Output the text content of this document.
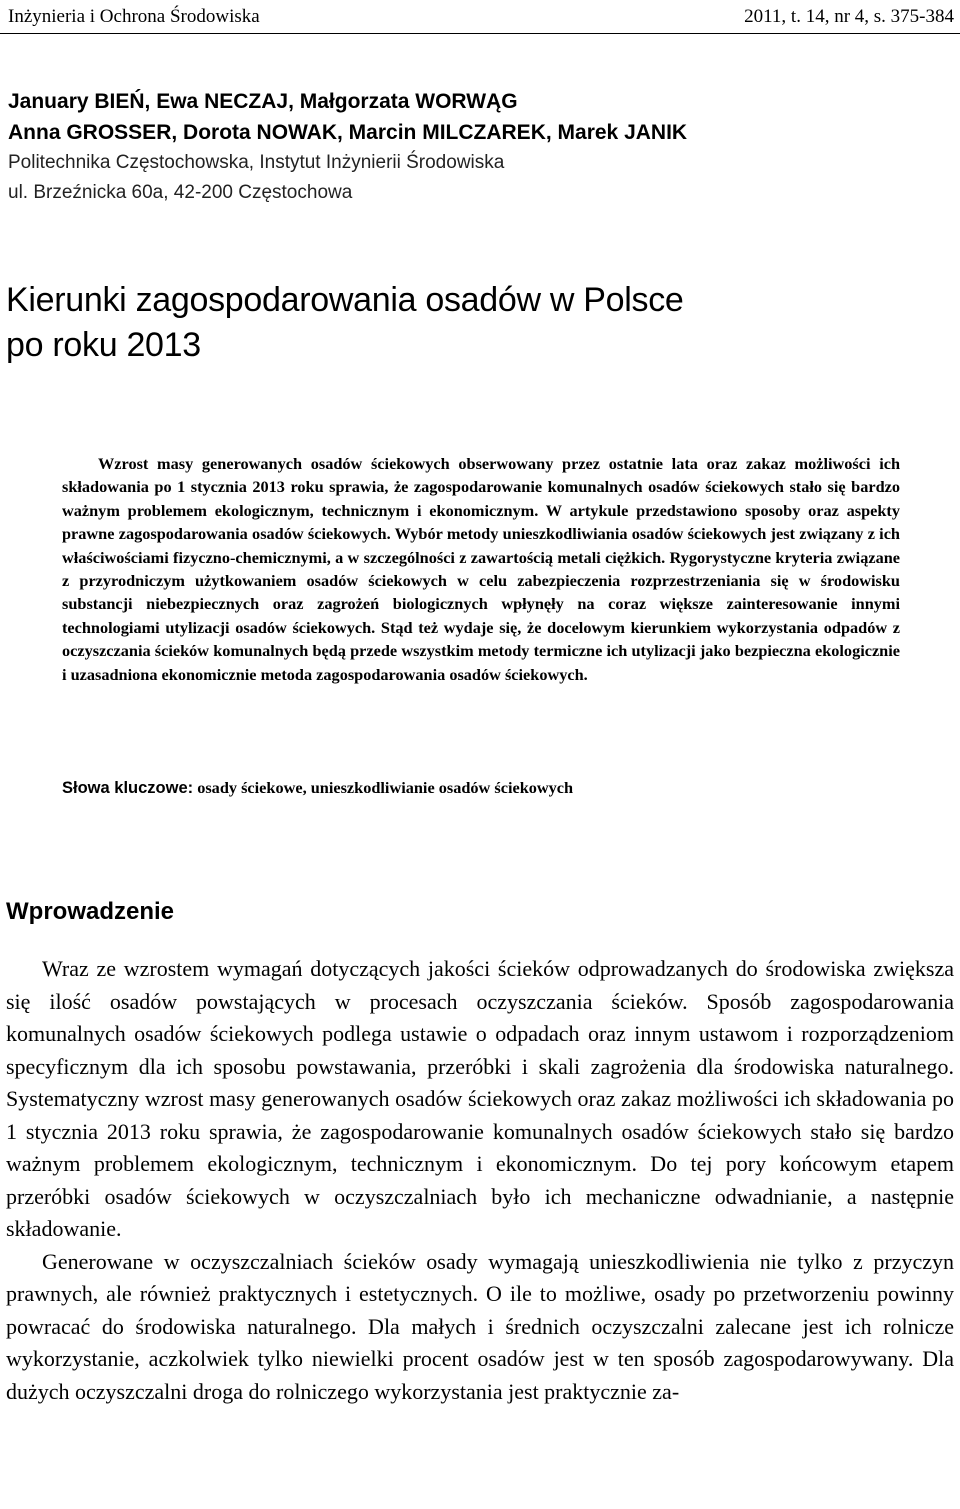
Inżynieria i Ochrona Środowiska	2011, t. 14, nr 4, s. 375-384
January BIEŃ, Ewa NECZAJ, Małgorzata WORWĄG
Anna GROSSER, Dorota NOWAK, Marcin MILCZAREK, Marek JANIK
Politechnika Częstochowska, Instytut Inżynierii Środowiska
ul. Brzeźnicka 60a, 42-200 Częstochowa
Kierunki zagospodarowania osadów w Polsce
po roku 2013
Wzrost masy generowanych osadów ściekowych obserwowany przez ostatnie lata oraz zakaz możliwości ich składowania po 1 stycznia 2013 roku sprawia, że zagospodarowanie komunalnych osadów ściekowych stało się bardzo ważnym problemem ekologicznym, technicznym i ekonomicznym. W artykule przedstawiono sposoby oraz aspekty prawne zagospodarowania osadów ściekowych. Wybór metody unieszkodliwiania osadów ściekowych jest związany z ich właściwościami fizyczno-chemicznymi, a w szczególności z zawartością metali ciężkich. Rygorystyczne kryteria związane z przyrodniczym użytkowaniem osadów ściekowych w celu zabezpieczenia rozprzestrzeniania się w środowisku substancji niebezpiecznych oraz zagrożeń biologicznych wpłynęły na coraz większe zainteresowanie innymi technologiami utylizacji osadów ściekowych. Stąd też wydaje się, że docelowym kierunkiem wykorzystania odpadów z oczyszczania ścieków komunalnych będą przede wszystkim metody termiczne ich utylizacji jako bezpieczna ekologicznie i uzasadniona ekonomicznie metoda zagospodarowania osadów ściekowych.
Słowa kluczowe: osady ściekowe, unieszkodliwianie osadów ściekowych
Wprowadzenie

Wraz ze wzrostem wymagań dotyczących jakości ścieków odprowadzanych do środowiska zwiększa się ilość osadów powstających w procesach oczyszczania ścieków. Sposób zagospodarowania komunalnych osadów ściekowych podlega ustawie o odpadach oraz innym ustawom i rozporządzeniom specyficznym dla ich sposobu powstawania, przeróbki i skali zagrożenia dla środowiska naturalnego. Systematyczny wzrost masy generowanych osadów ściekowych oraz zakaz możliwości ich składowania po 1 stycznia 2013 roku sprawia, że zagospodarowanie komunalnych osadów ściekowych stało się bardzo ważnym problemem ekologicznym, technicznym i ekonomicznym. Do tej pory końcowym etapem przeróbki osadów ściekowych w oczyszczalniach było ich mechaniczne odwadnianie, a następnie składowanie.

Generowane w oczyszczalniach ścieków osady wymagają unieszkodliwienia nie tylko z przyczyn prawnych, ale również praktycznych i estetycznych. O ile to możliwe, osady po przetworzeniu powinny powracać do środowiska naturalnego. Dla małych i średnich oczyszczalni zalecane jest ich rolnicze wykorzystanie, aczkolwiek tylko niewielki procent osadów jest w ten sposób zagospodarowywany. Dla dużych oczyszczalni droga do rolniczego wykorzystania jest praktycznie za-
